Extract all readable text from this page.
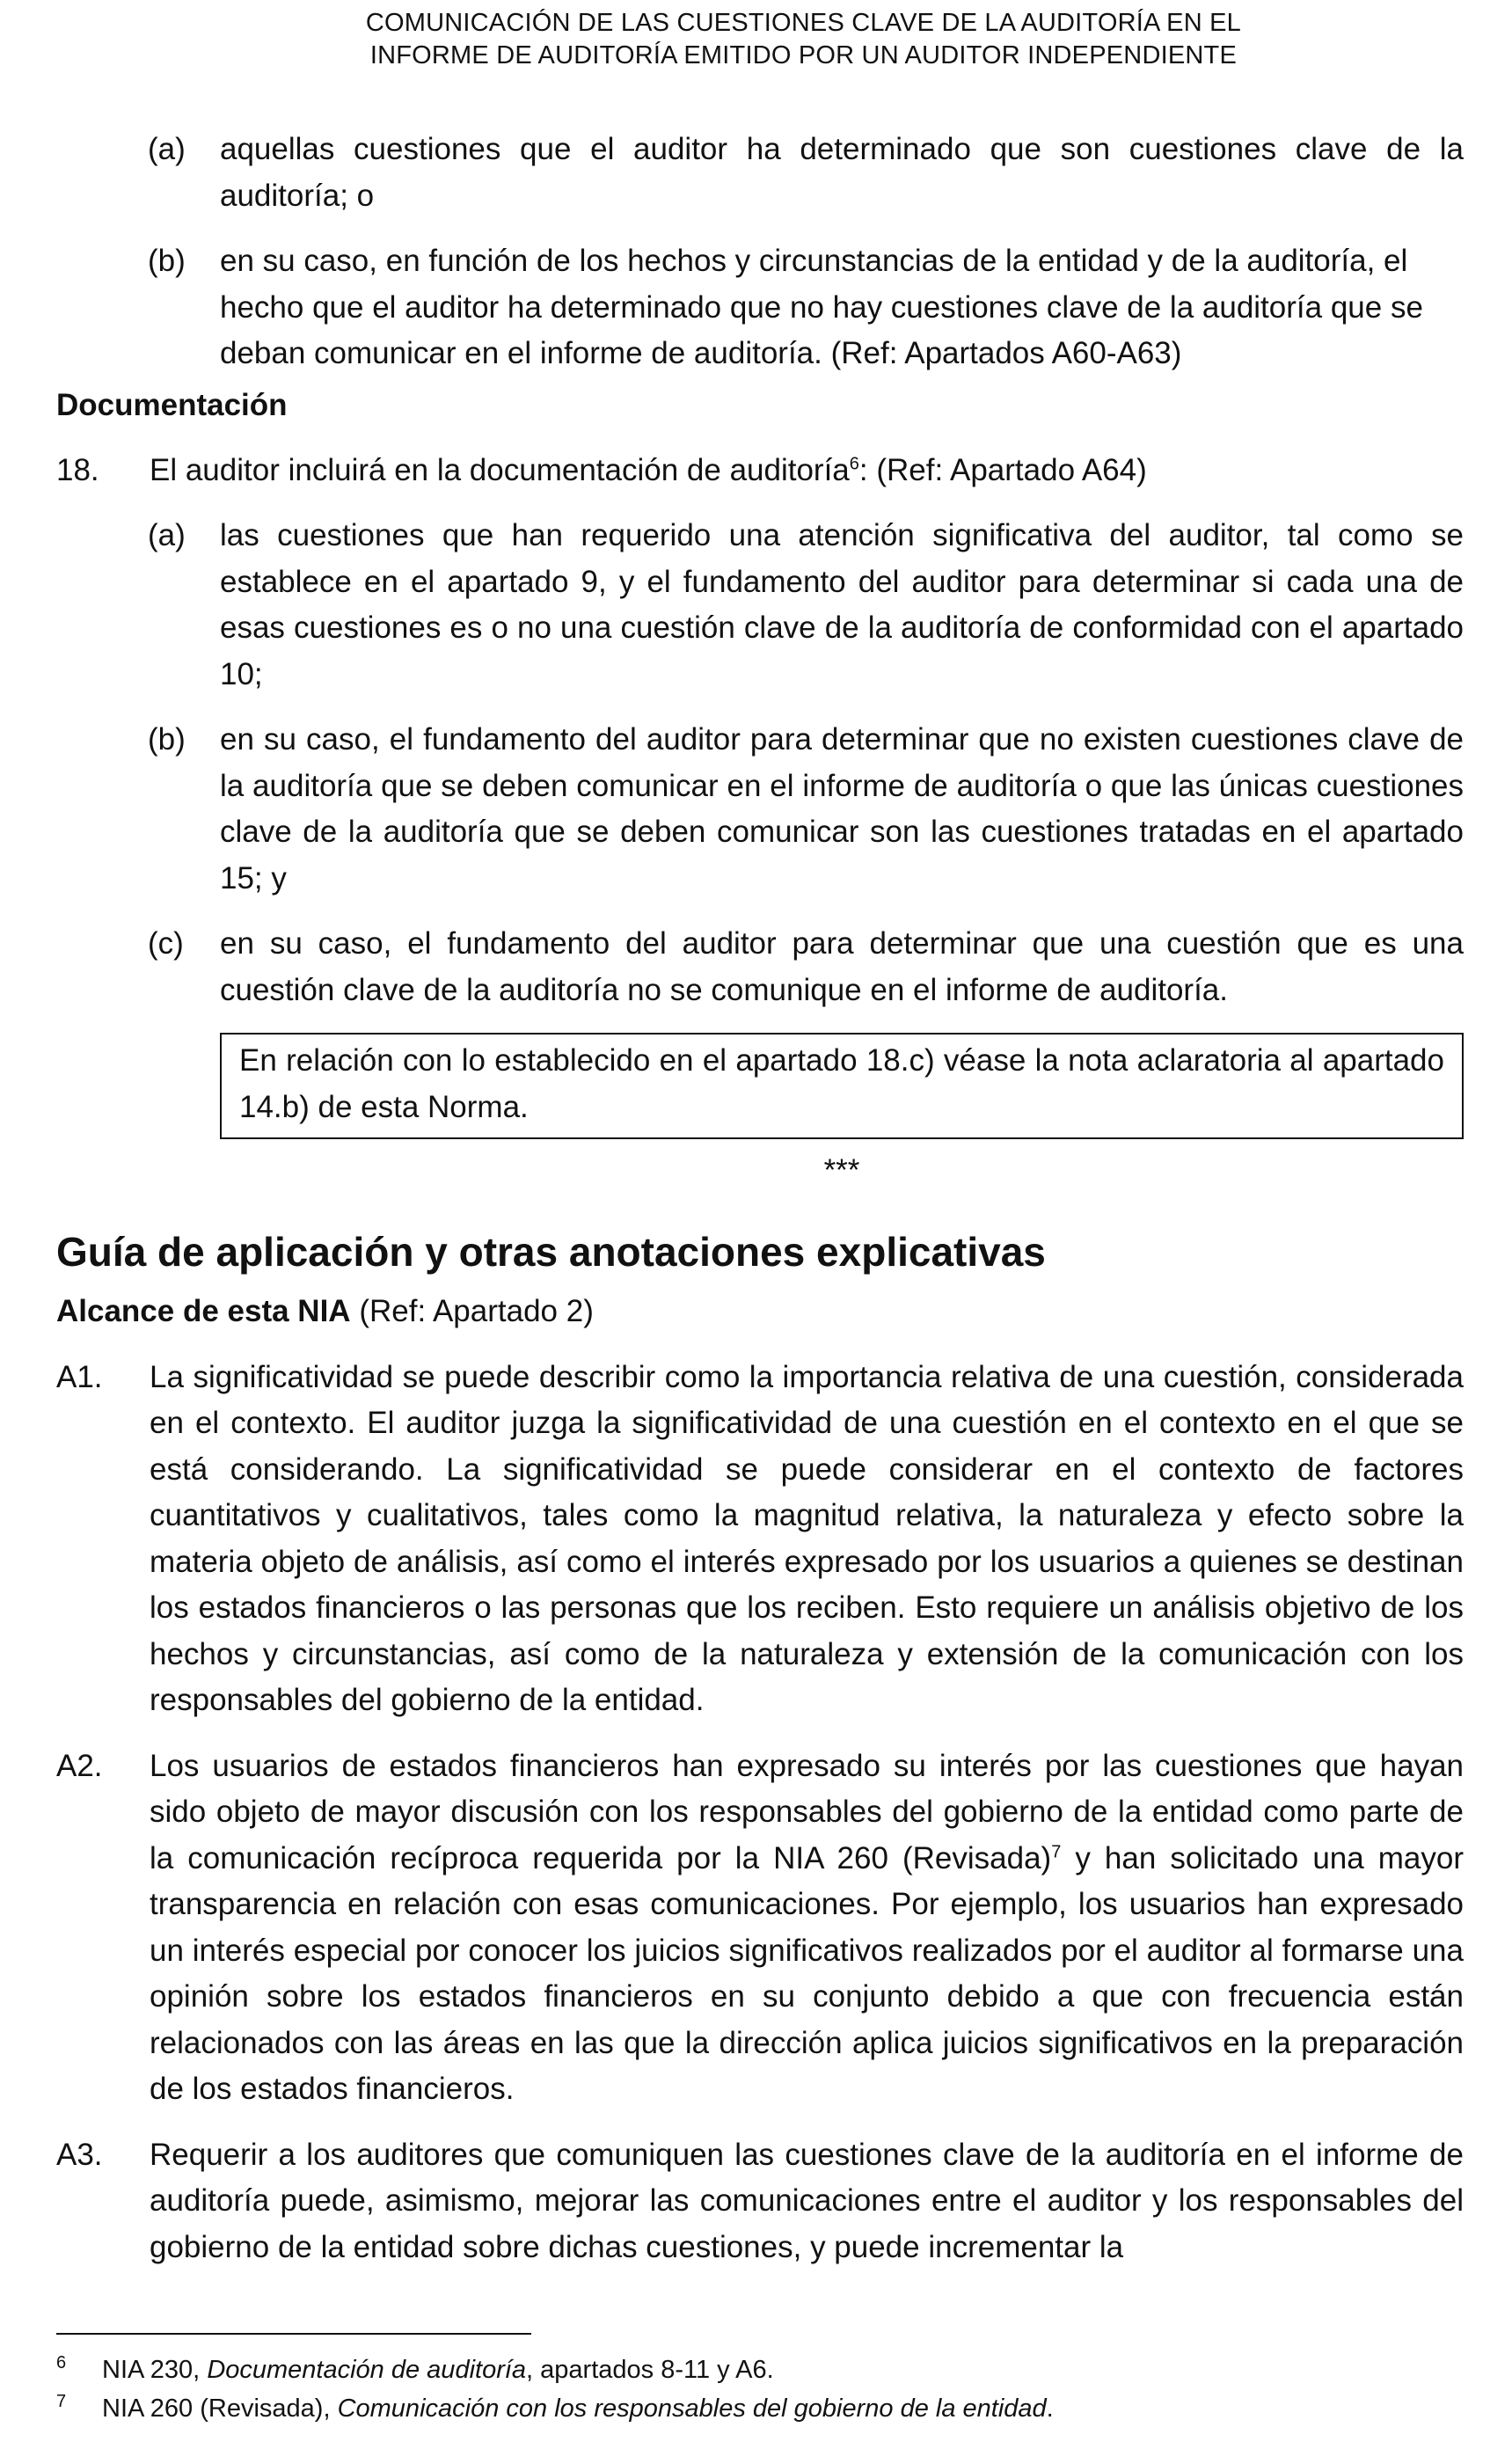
COMUNICACIÓN DE LAS CUESTIONES CLAVE DE LA AUDITORÍA EN EL
INFORME DE AUDITORÍA EMITIDO POR UN AUDITOR INDEPENDIENTE
(a)	aquellas cuestiones que el auditor ha determinado que son cuestiones clave de la auditoría; o
(b)	en su caso, en función de los hechos y circunstancias de la entidad y de la auditoría, el hecho que el auditor ha determinado que no hay cuestiones clave de la auditoría que se deban comunicar en el informe de auditoría. (Ref: Apartados A60-A63)
Documentación
18.	El auditor incluirá en la documentación de auditoría$^6$: (Ref: Apartado A64)
(a)	las cuestiones que han requerido una atención significativa del auditor, tal como se establece en el apartado 9, y el fundamento del auditor para determinar si cada una de esas cuestiones es o no una cuestión clave de la auditoría de conformidad con el apartado 10;
(b)	en su caso, el fundamento del auditor para determinar que no existen cuestiones clave de la auditoría que se deben comunicar en el informe de auditoría o que las únicas cuestiones clave de la auditoría que se deben comunicar son las cuestiones tratadas en el apartado 15; y
(c)	en su caso, el fundamento del auditor para determinar que una cuestión que es una cuestión clave de la auditoría no se comunique en el informe de auditoría.
En relación con lo establecido en el apartado 18.c) véase la nota aclaratoria al apartado 14.b) de esta Norma.
***
Guía de aplicación y otras anotaciones explicativas
Alcance de esta NIA (Ref: Apartado 2)
A1.	La significatividad se puede describir como la importancia relativa de una cuestión, considerada en el contexto. El auditor juzga la significatividad de una cuestión en el contexto en el que se está considerando. La significatividad se puede considerar en el contexto de factores cuantitativos y cualitativos, tales como la magnitud relativa, la naturaleza y efecto sobre la materia objeto de análisis, así como el interés expresado por los usuarios a quienes se destinan los estados financieros o las personas que los reciben. Esto requiere un análisis objetivo de los hechos y circunstancias, así como de la naturaleza y extensión de la comunicación con los responsables del gobierno de la entidad.
A2.	Los usuarios de estados financieros han expresado su interés por las cuestiones que hayan sido objeto de mayor discusión con los responsables del gobierno de la entidad como parte de la comunicación recíproca requerida por la NIA 260 (Revisada)$^7$ y han solicitado una mayor transparencia en relación con esas comunicaciones. Por ejemplo, los usuarios han expresado un interés especial por conocer los juicios significativos realizados por el auditor al formarse una opinión sobre los estados financieros en su conjunto debido a que con frecuencia están relacionados con las áreas en las que la dirección aplica juicios significativos en la preparación de los estados financieros.
A3.	Requerir a los auditores que comuniquen las cuestiones clave de la auditoría en el informe de auditoría puede, asimismo, mejorar las comunicaciones entre el auditor y los responsables del gobierno de la entidad sobre dichas cuestiones, y puede incrementar la
6	NIA 230, Documentación de auditoría, apartados 8-11 y A6.
7	NIA 260 (Revisada), Comunicación con los responsables del gobierno de la entidad.
